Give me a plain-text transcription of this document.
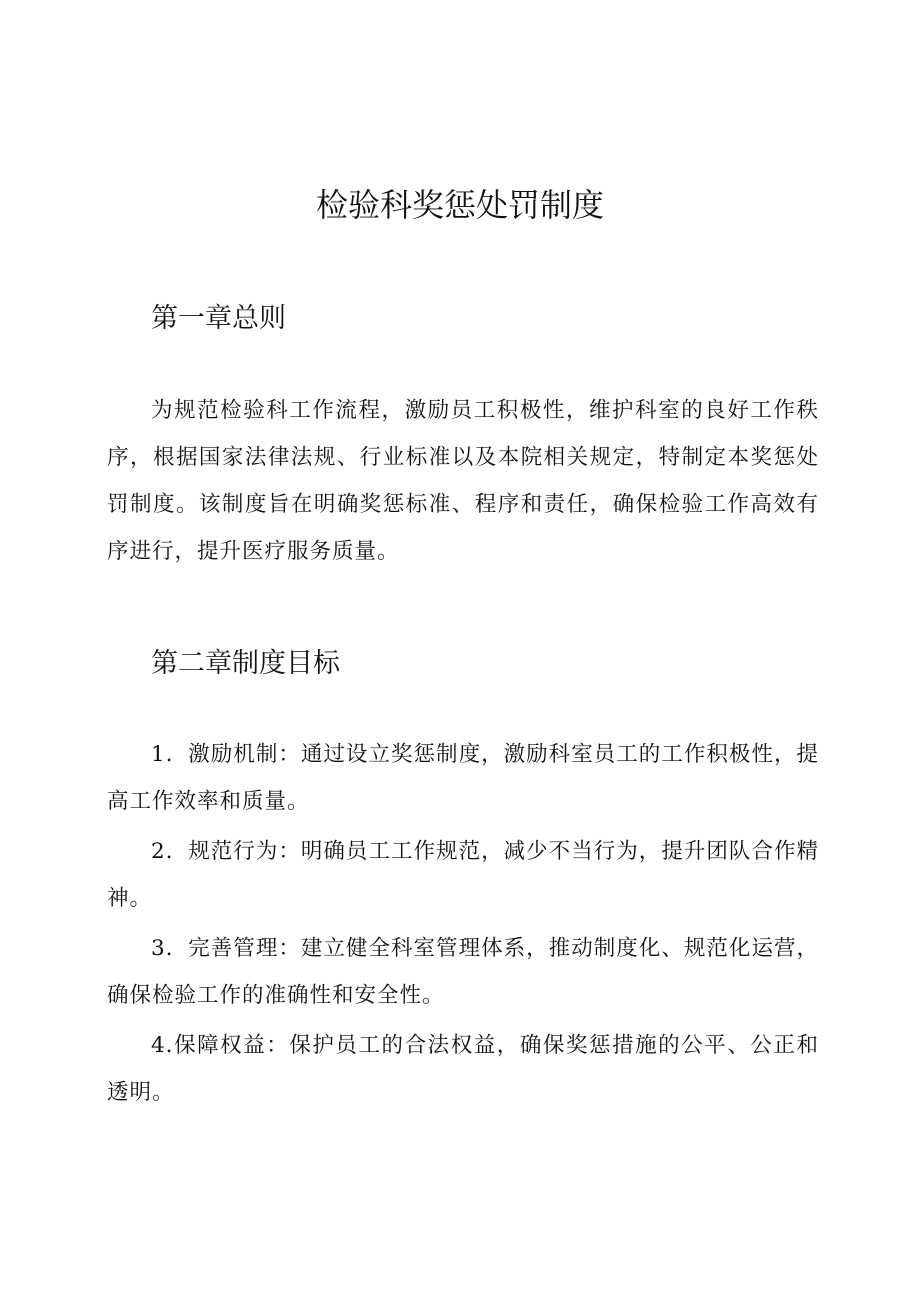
检验科奖惩处罚制度
第一章总则

为规范检验科工作流程，激励员工积极性，维护科室的良好工作秩序，根据国家法律法规、行业标准以及本院相关规定，特制定本奖惩处罚制度。该制度旨在明确奖惩标准、程序和责任，确保检验工作高效有序进行，提升医疗服务质量。

第二章制度目标

1．激励机制：通过设立奖惩制度，激励科室员工的工作积极性，提高工作效率和质量。

2．规范行为：明确员工工作规范，减少不当行为，提升团队合作精神。

3．完善管理：建立健全科室管理体系，推动制度化、规范化运营，确保检验工作的准确性和安全性。

4.保障权益：保护员工的合法权益，确保奖惩措施的公平、公正和透明。
